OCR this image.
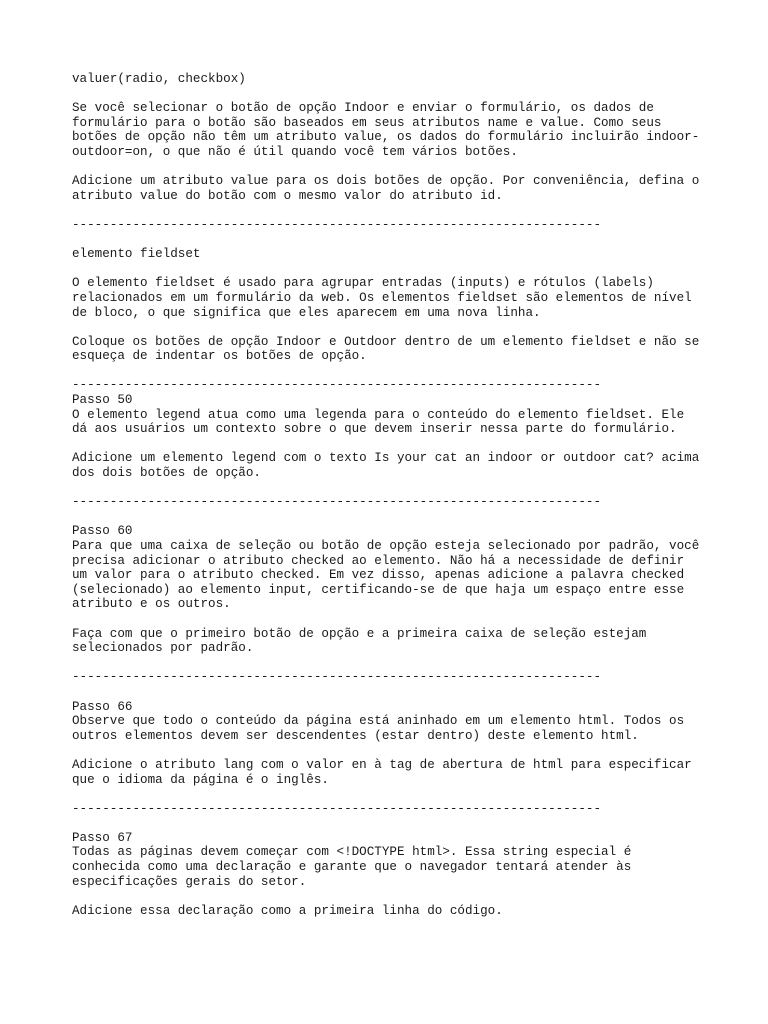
valuer(radio, checkbox)
Se você selecionar o botão de opção Indoor e enviar o formulário, os dados de
formulário para o botão são baseados em seus atributos name e value. Como seus
botões de opção não têm um atributo value, os dados do formulário incluirão indoor-
outdoor=on, o que não é útil quando você tem vários botões.
Adicione um atributo value para os dois botões de opção. Por conveniência, defina o
atributo value do botão com o mesmo valor do atributo id.
----------------------------------------------------------------------
elemento fieldset
O elemento fieldset é usado para agrupar entradas (inputs) e rótulos (labels)
relacionados em um formulário da web. Os elementos fieldset são elementos de nível
de bloco, o que significa que eles aparecem em uma nova linha.
Coloque os botões de opção Indoor e Outdoor dentro de um elemento fieldset e não se
esqueça de indentar os botões de opção.
----------------------------------------------------------------------
Passo 50
O elemento legend atua como uma legenda para o conteúdo do elemento fieldset. Ele
dá aos usuários um contexto sobre o que devem inserir nessa parte do formulário.
Adicione um elemento legend com o texto Is your cat an indoor or outdoor cat? acima
dos dois botões de opção.
----------------------------------------------------------------------
Passo 60
Para que uma caixa de seleção ou botão de opção esteja selecionado por padrão, você
precisa adicionar o atributo checked ao elemento. Não há a necessidade de definir
um valor para o atributo checked. Em vez disso, apenas adicione a palavra checked
(selecionado) ao elemento input, certificando-se de que haja um espaço entre esse
atributo e os outros.
Faça com que o primeiro botão de opção e a primeira caixa de seleção estejam
selecionados por padrão.
----------------------------------------------------------------------
Passo 66
Observe que todo o conteúdo da página está aninhado em um elemento html. Todos os
outros elementos devem ser descendentes (estar dentro) deste elemento html.
Adicione o atributo lang com o valor en à tag de abertura de html para especificar
que o idioma da página é o inglês.
----------------------------------------------------------------------
Passo 67
Todas as páginas devem começar com <!DOCTYPE html>. Essa string especial é
conhecida como uma declaração e garante que o navegador tentará atender às
especificações gerais do setor.
Adicione essa declaração como a primeira linha do código.
